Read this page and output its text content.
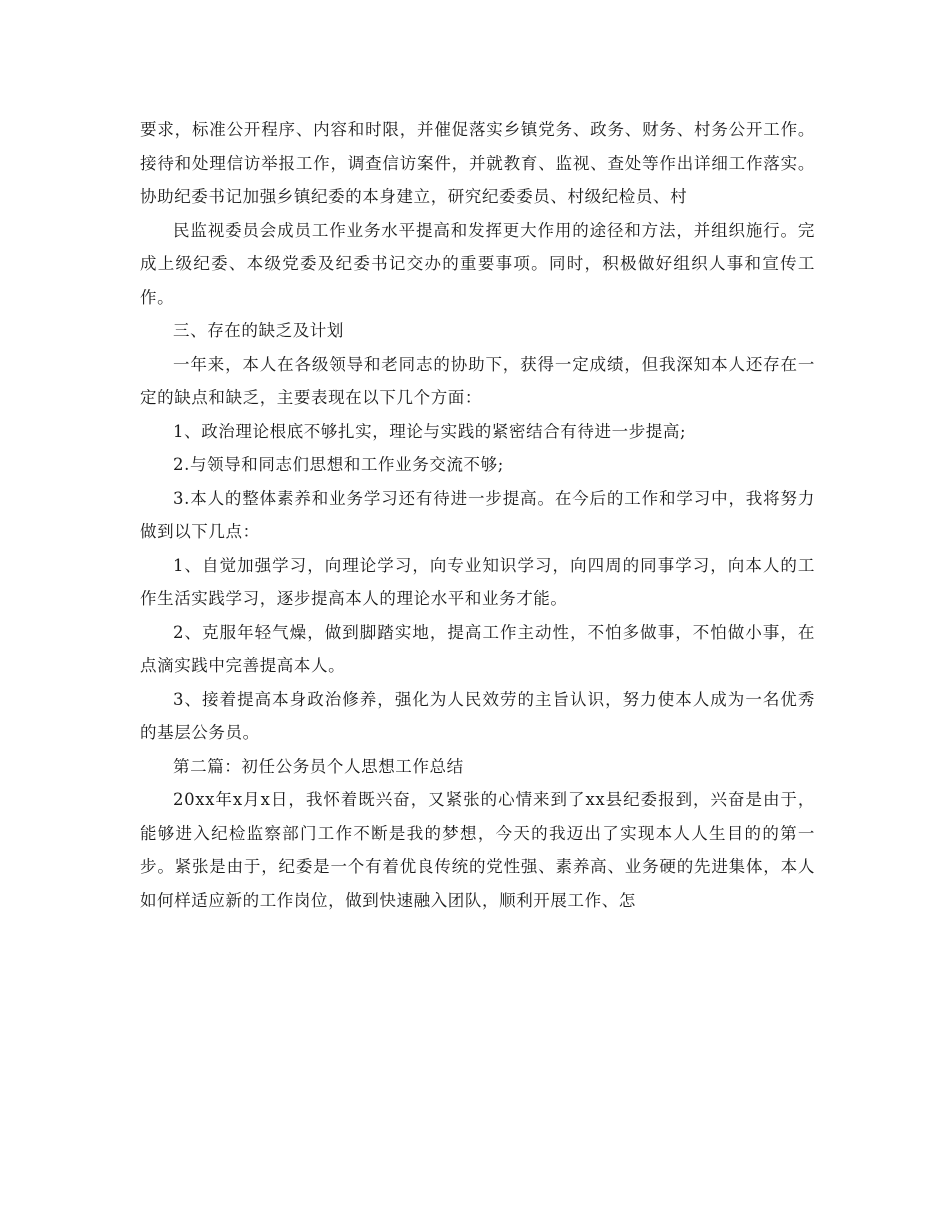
要求，标准公开程序、内容和时限，并催促落实乡镇党务、政务、财务、村务公开工作。接待和处理信访举报工作，调查信访案件，并就教育、监视、查处等作出详细工作落实。协助纪委书记加强乡镇纪委的本身建立，研究纪委委员、村级纪检员、村

民监视委员会成员工作业务水平提高和发挥更大作用的途径和方法，并组织施行。完成上级纪委、本级党委及纪委书记交办的重要事项。同时，积极做好组织人事和宣传工作。

三、存在的缺乏及计划

一年来，本人在各级领导和老同志的协助下，获得一定成绩，但我深知本人还存在一定的缺点和缺乏，主要表现在以下几个方面：

1、政治理论根底不够扎实，理论与实践的紧密结合有待进一步提高;

2.与领导和同志们思想和工作业务交流不够;

3.本人的整体素养和业务学习还有待进一步提高。在今后的工作和学习中，我将努力做到以下几点：

1、自觉加强学习，向理论学习，向专业知识学习，向四周的同事学习，向本人的工作生活实践学习，逐步提高本人的理论水平和业务才能。

2、克服年轻气燥，做到脚踏实地，提高工作主动性，不怕多做事，不怕做小事，在点滴实践中完善提高本人。

3、接着提高本身政治修养，强化为人民效劳的主旨认识，努力使本人成为一名优秀的基层公务员。

第二篇：初任公务员个人思想工作总结

20xx年x月x日，我怀着既兴奋，又紧张的心情来到了xx县纪委报到，兴奋是由于，能够进入纪检监察部门工作不断是我的梦想，今天的我迈出了实现本人人生目的的第一步。紧张是由于，纪委是一个有着优良传统的党性强、素养高、业务硬的先进集体，本人如何样适应新的工作岗位，做到快速融入团队，顺利开展工作、怎
